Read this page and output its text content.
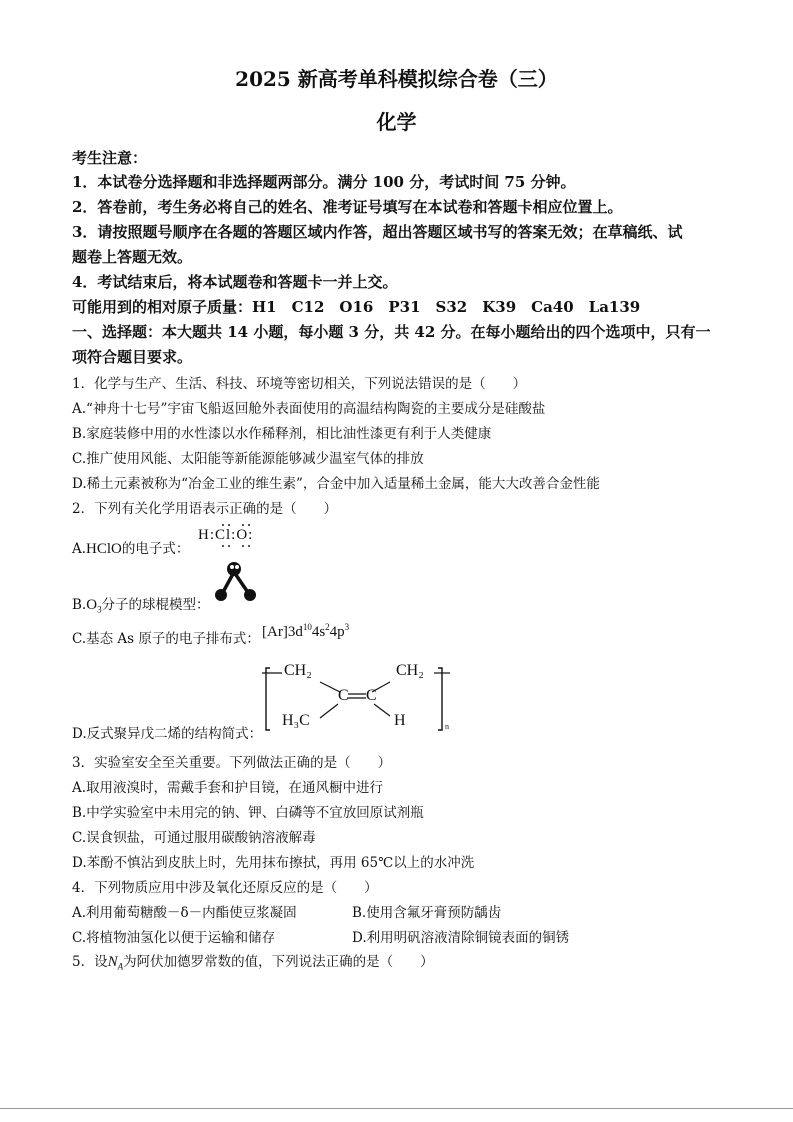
2025 新高考单科模拟综合卷（三）
化学
考生注意：
1．本试卷分选择题和非选择题两部分。满分 100 分，考试时间 75 分钟。
2．答卷前，考生务必将自己的姓名、准考证号填写在本试卷和答题卡相应位置上。
3．请按照题号顺序在各题的答题区域内作答，超出答题区域书写的答案无效；在草稿纸、试
题卷上答题无效。
4．考试结束后，将本试题卷和答题卡一并上交。
可能用到的相对原子质量：H1　C12　O16　P31　S32　K39　Ca40　La139
一、选择题：本大题共 14 小题，每小题 3 分，共 42 分。在每小题给出的四个选项中，只有一
项符合题目要求。
1．化学与生产、生活、科技、环境等密切相关，下列说法错误的是（　　）
A.“神舟十七号”宇宙飞船返回舱外表面使用的高温结构陶瓷的主要成分是硅酸盐
B.家庭装修中用的水性漆以水作稀释剂，相比油性漆更有利于人类健康
C.推广使用风能、太阳能等新能源能够减少温室气体的排放
D.稀土元素被称为“冶金工业的维生素”，合金中加入适量稀土金属，能大大改善合金性能
2．下列有关化学用语表示正确的是（　　）
A.HClO的电子式：
H:Cl:O:
$B.O_3$分子的球棍模型：
C.基态 As 原子的电子排布式： $[Ar]3d^{10}4s^24p^3$
D.反式聚异戊二烯的结构简式：
CH₂	CH₂
C C
H₃C	H	n
3．实验室安全至关重要。下列做法正确的是（　　）
A.取用液溴时，需戴手套和护目镜，在通风橱中进行
B.中学实验室中未用完的钠、钾、白磷等不宜放回原试剂瓶
C.误食钡盐，可通过服用碳酸钠溶液解毒
D.苯酚不慎沾到皮肤上时，先用抹布擦拭，再用 65℃以上的水冲洗
4．下列物质应用中涉及氧化还原反应的是（　　）
A.利用葡萄糖酸－δ－内酯使豆浆凝固	B.使用含氟牙膏预防龋齿
C.将植物油氢化以便于运输和储存	D.利用明矾溶液清除铜镜表面的铜锈
5．设$N_A$为阿伏加德罗常数的值，下列说法正确的是（　　）
